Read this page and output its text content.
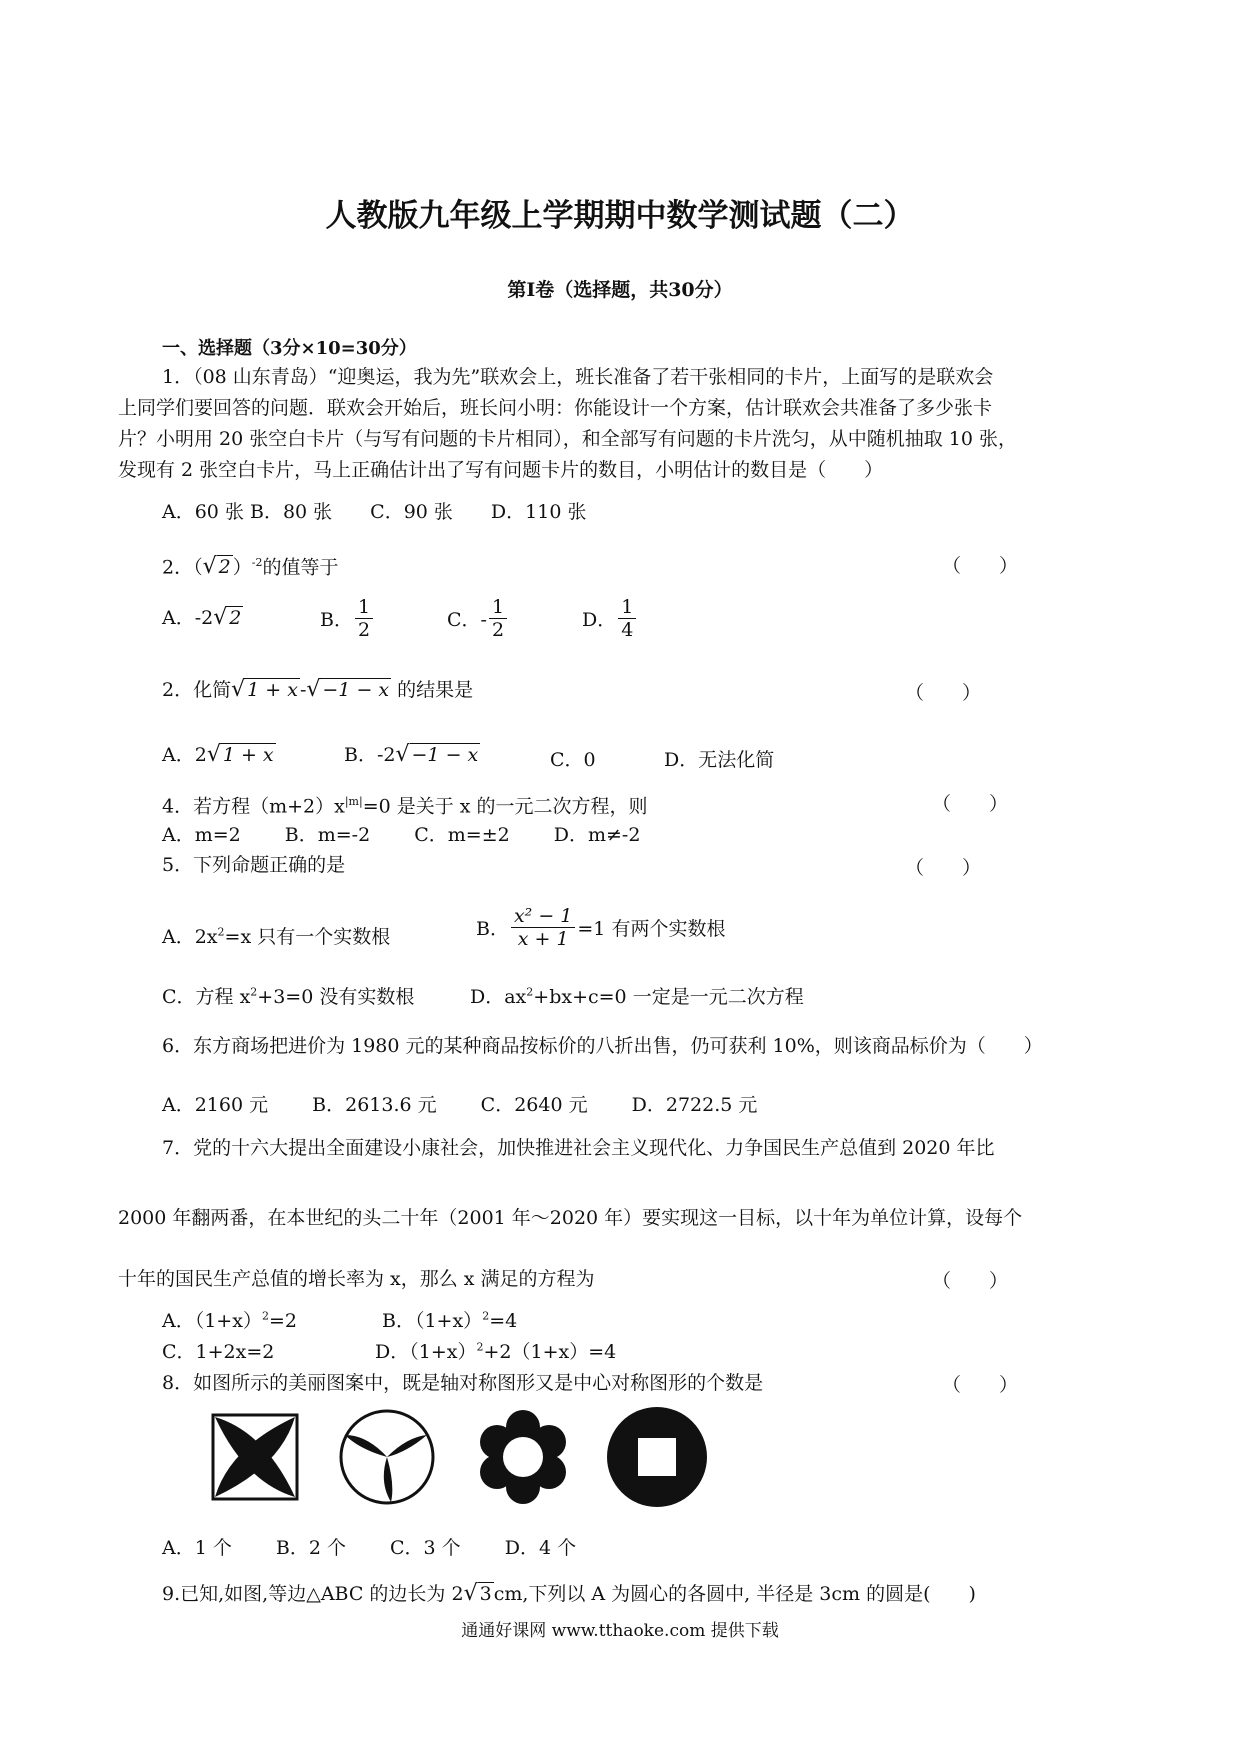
人教版九年级上学期期中数学测试题（二）
第Ⅰ卷（选择题，共30分）
一、选择题（3分×10=30分）
1．（08 山东青岛）“迎奥运，我为先”联欢会上，班长准备了若干张相同的卡片，上面写的是联欢会
上同学们要回答的问题．联欢会开始后，班长问小明：你能设计一个方案，估计联欢会共准备了多少张卡
片？小明用 20 张空白卡片（与写有问题的卡片相同），和全部写有问题的卡片洗匀，从中随机抽取 10 张，
发现有 2 张空白卡片，马上正确估计出了写有问题卡片的数目，小明估计的数目是（　　）
A．60 张 B．80 张　　C．90 张　　D．110 张
2．（√ 2 ）$^{-2}$的值等于	（　　）
A．-2√ 2	B． $\frac{1}{2}$	C．- $\frac{1}{2}$	D． $\frac{1}{4}$
2．化简√ 1 + x -√ −1 − x 的结果是	（　　）
A．2√ 1 + x	B．-2√ −1 − x	C．0	D．无法化简
4．若方程$(m+2)x^{|m|}=0$ 是关于 x 的一元二次方程，则	（　　）
A．m=2　　 B．m=-2　　 C．m=±2　　 D．m≠-2
5．下列命题正确的是	（　　）
A．$2x^2=x$ 只有一个实数根	B． $\frac{\text{x² − 1}}{x + 1} =1$ 有两个实数根
C．方程 $x^2+3=0$ 没有实数根	D．$ax^2+bx+c=0$ 一定是一元二次方程
6．东方商场把进价为 1980 元的某种商品按标价的八折出售，仍可获利 10%，则该商品标价为（　　）
A．2160 元　　 B．2613.6 元　　 C．2640 元　　 D．2722.5 元
7．党的十六大提出全面建设小康社会，加快推进社会主义现代化、力争国民生产总值到 2020 年比
2000 年翻两番，在本世纪的头二十年（2001 年～2020 年）要实现这一目标，以十年为单位计算，设每个
十年的国民生产总值的增长率为 x，那么 x 满足的方程为	（　　）
A．$(1+x)^2=2$	B．$(1+x)^2=4$
C．1+2x=2	D．$(1+x)^2+2(1+x)=4$
8．如图所示的美丽图案中，既是轴对称图形又是中心对称图形的个数是	（　　）
A．1 个　　 B．2 个　　 C．3 个　　 D．4 个
9.已知,如图,等边△ABC 的边长为 2√ 3 cm,下列以 A 为圆心的各圆中, 半径是 3cm 的圆是(　　)
通通好课网 www.tthaoke.com 提供下载
